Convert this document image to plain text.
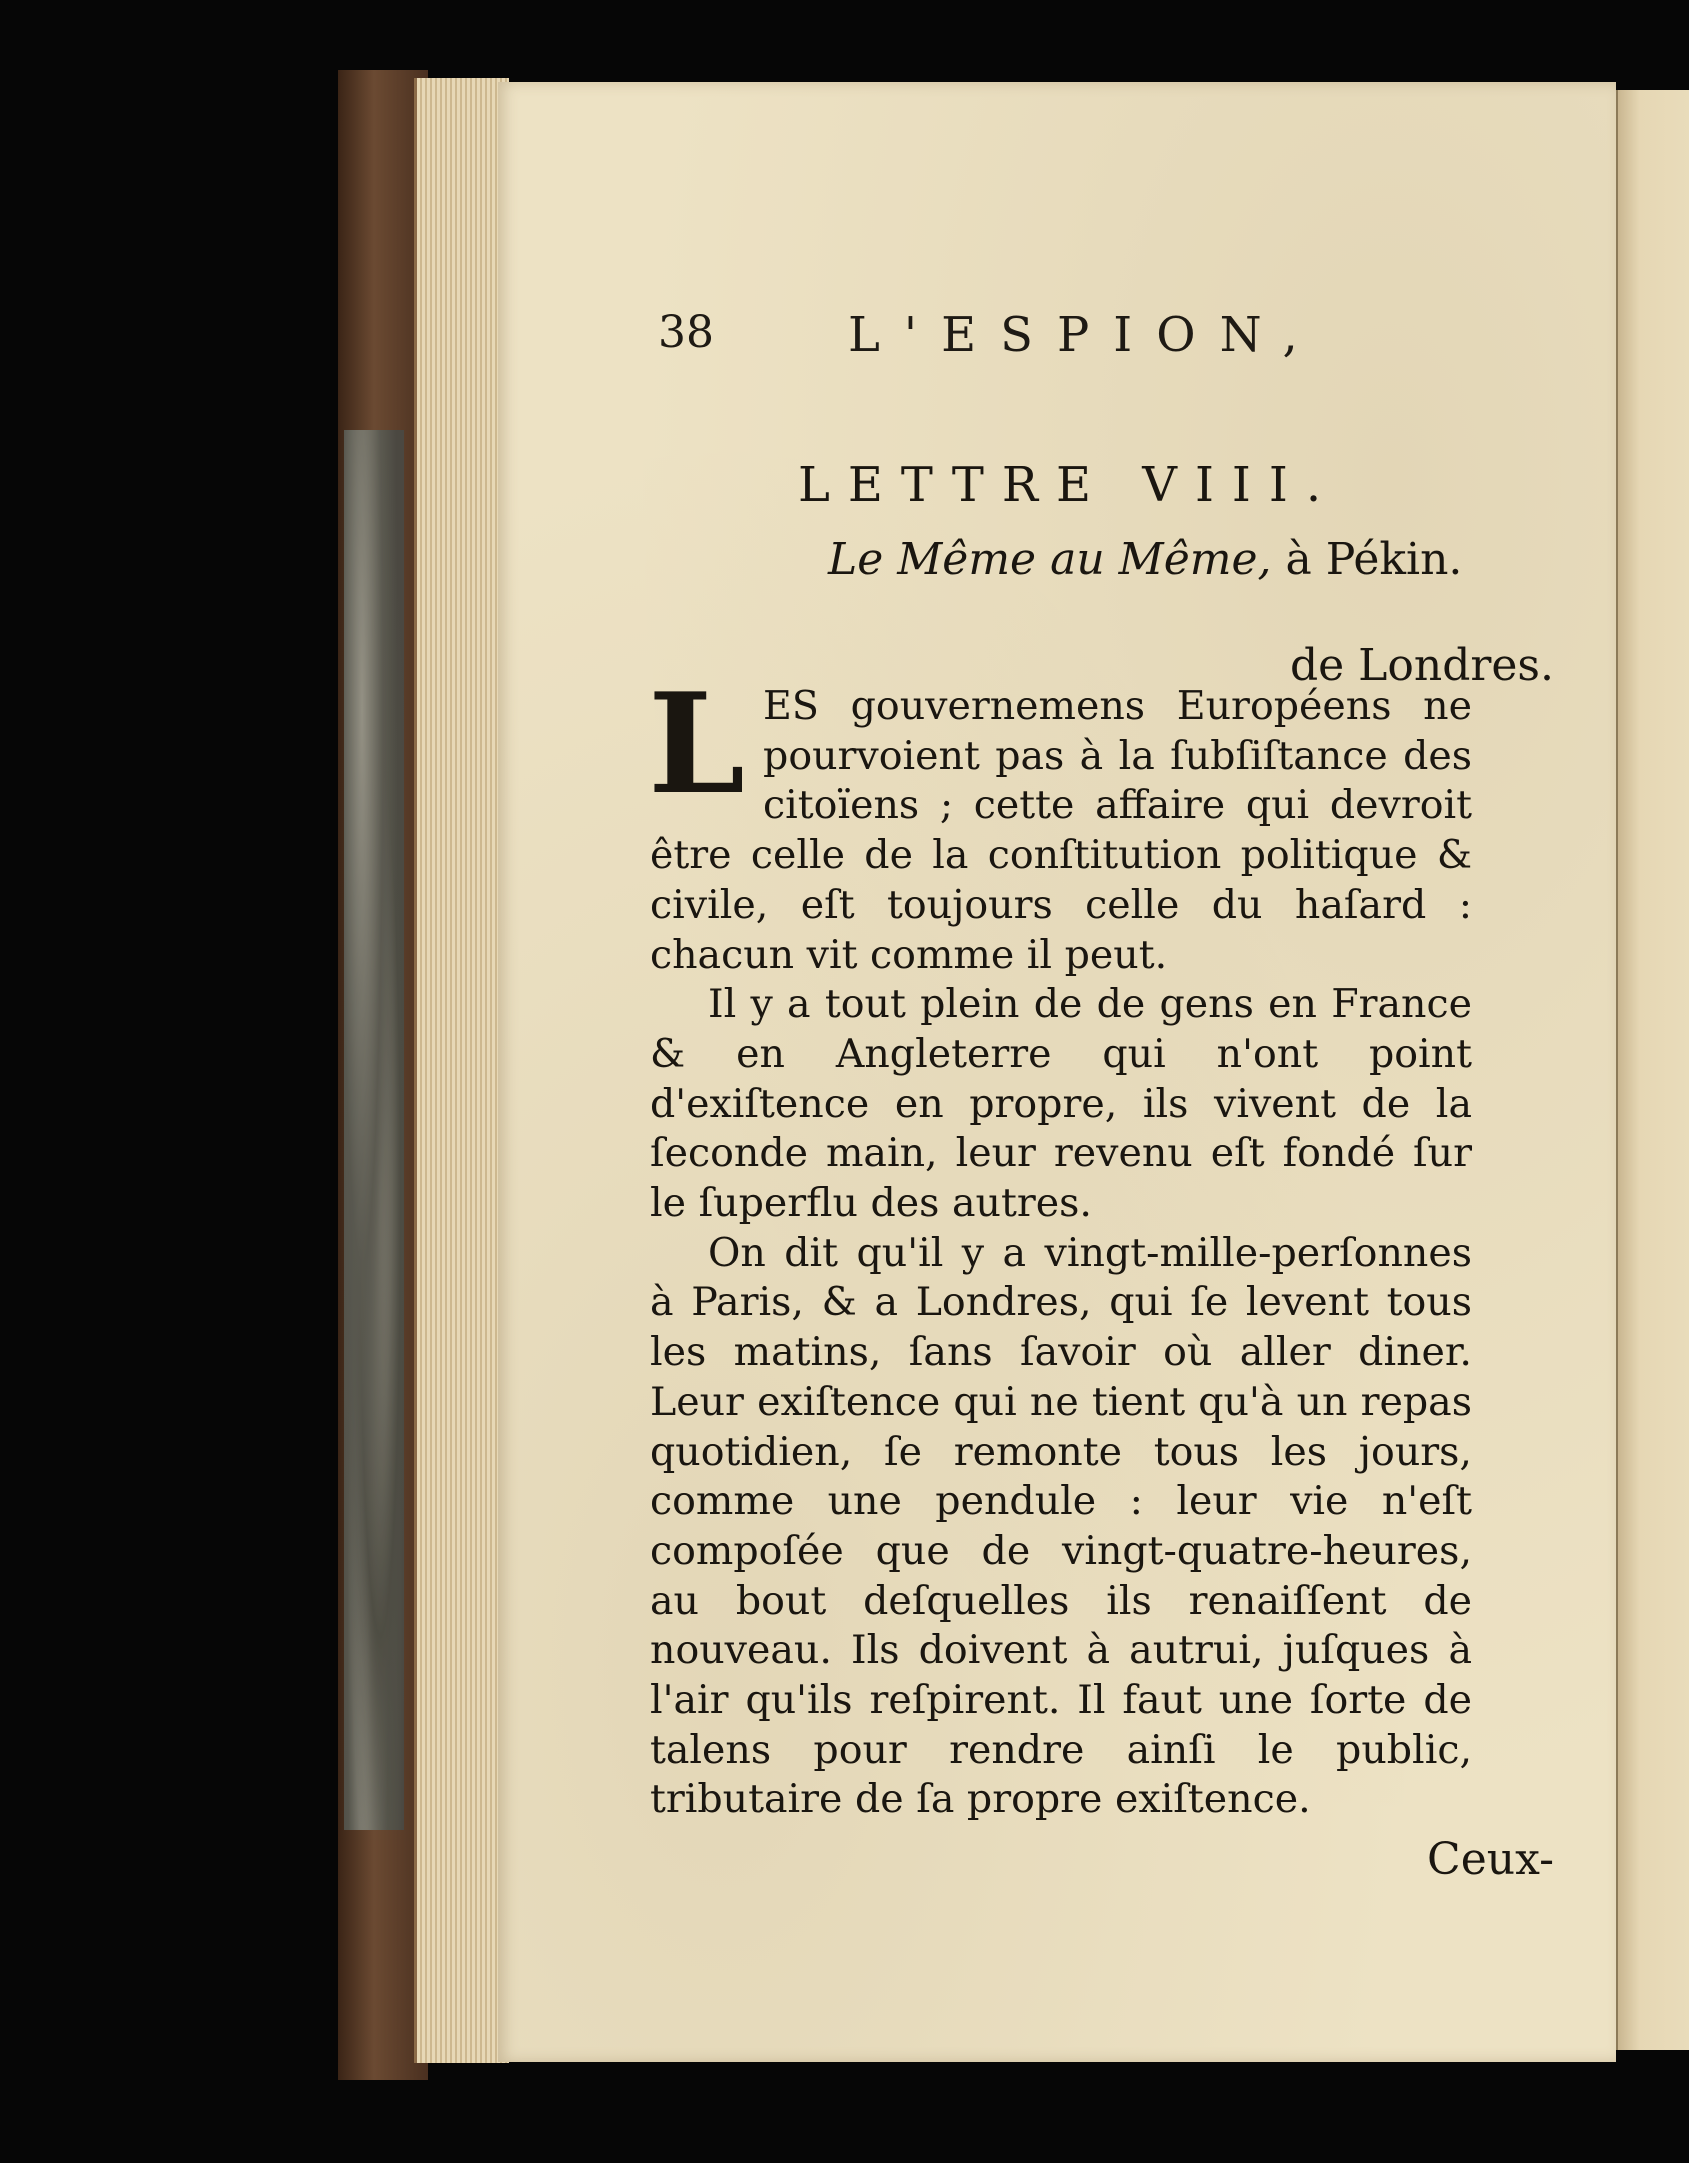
38	L'ESPION,
LETTRE VIII.
Le Même au Même, à Pékin.
de Londres.

LES gouvernemens Européens ne pourvoient pas à la ſubſiſtance des citoïens ; cette affaire qui devroit être celle de la conſtitution politique & civile, eſt toujours celle du haſard : chacun vit comme il peut.

Il y a tout plein de de gens en France & en Angleterre qui n'ont point d'exiſtence en propre, ils vivent de la ſeconde main, leur revenu eſt fondé ſur le ſuperflu des autres.

On dit qu'il y a vingt-mille-perſonnes à Paris, & a Londres, qui ſe levent tous les matins, ſans ſavoir où aller diner. Leur exiſtence qui ne tient qu'à un repas quotidien, ſe remonte tous les jours, comme une pendule : leur vie n'eſt compoſée que de vingt-quatre-heures, au bout deſquelles ils renaiſſent de nouveau. Ils doivent à autrui, juſques à l'air qu'ils reſpirent. Il faut une ſorte de talens pour rendre ainſi le public, tributaire de ſa propre exiſtence.

Ceux-
